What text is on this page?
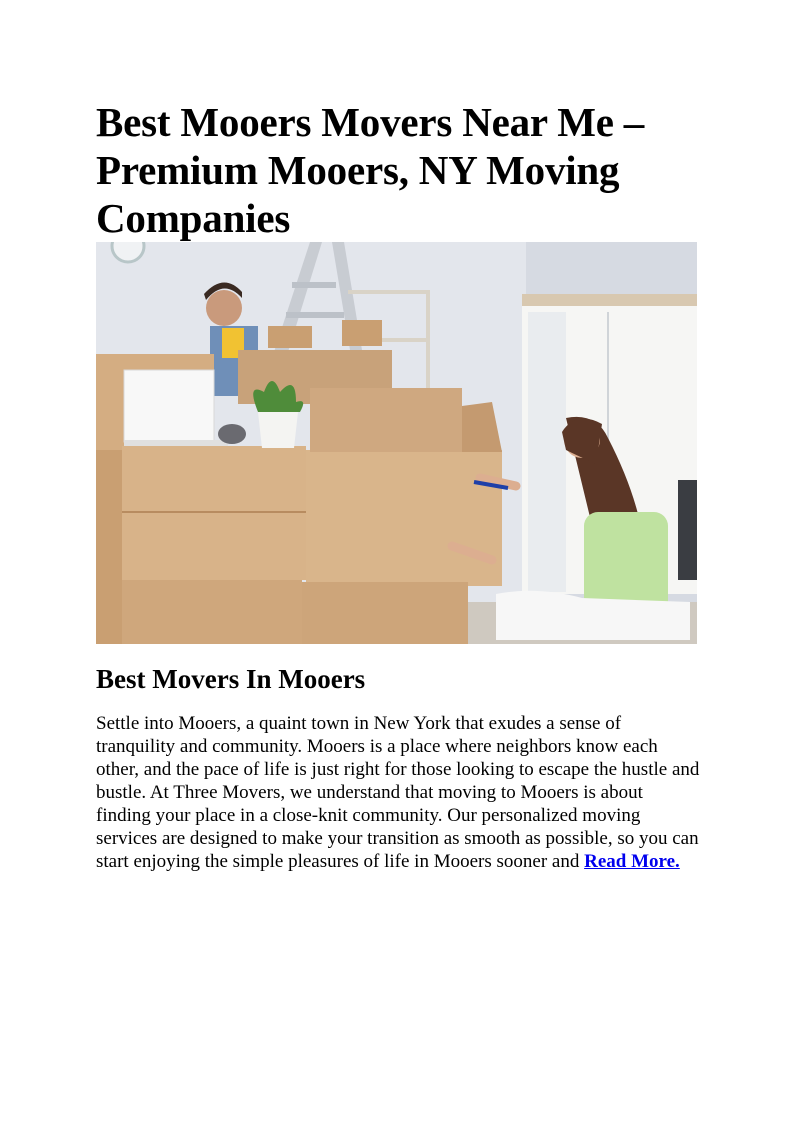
Best Mooers Movers Near Me – Premium Mooers, NY Moving Companies
Best Movers In Mooers

Settle into Mooers, a quaint town in New York that exudes a sense of tranquility and community. Mooers is a place where neighbors know each other, and the pace of life is just right for those looking to escape the hustle and bustle. At Three Movers, we understand that moving to Mooers is about finding your place in a close-knit community. Our personalized moving services are designed to make your transition as smooth as possible, so you can start enjoying the simple pleasures of life in Mooers sooner and Read More.
